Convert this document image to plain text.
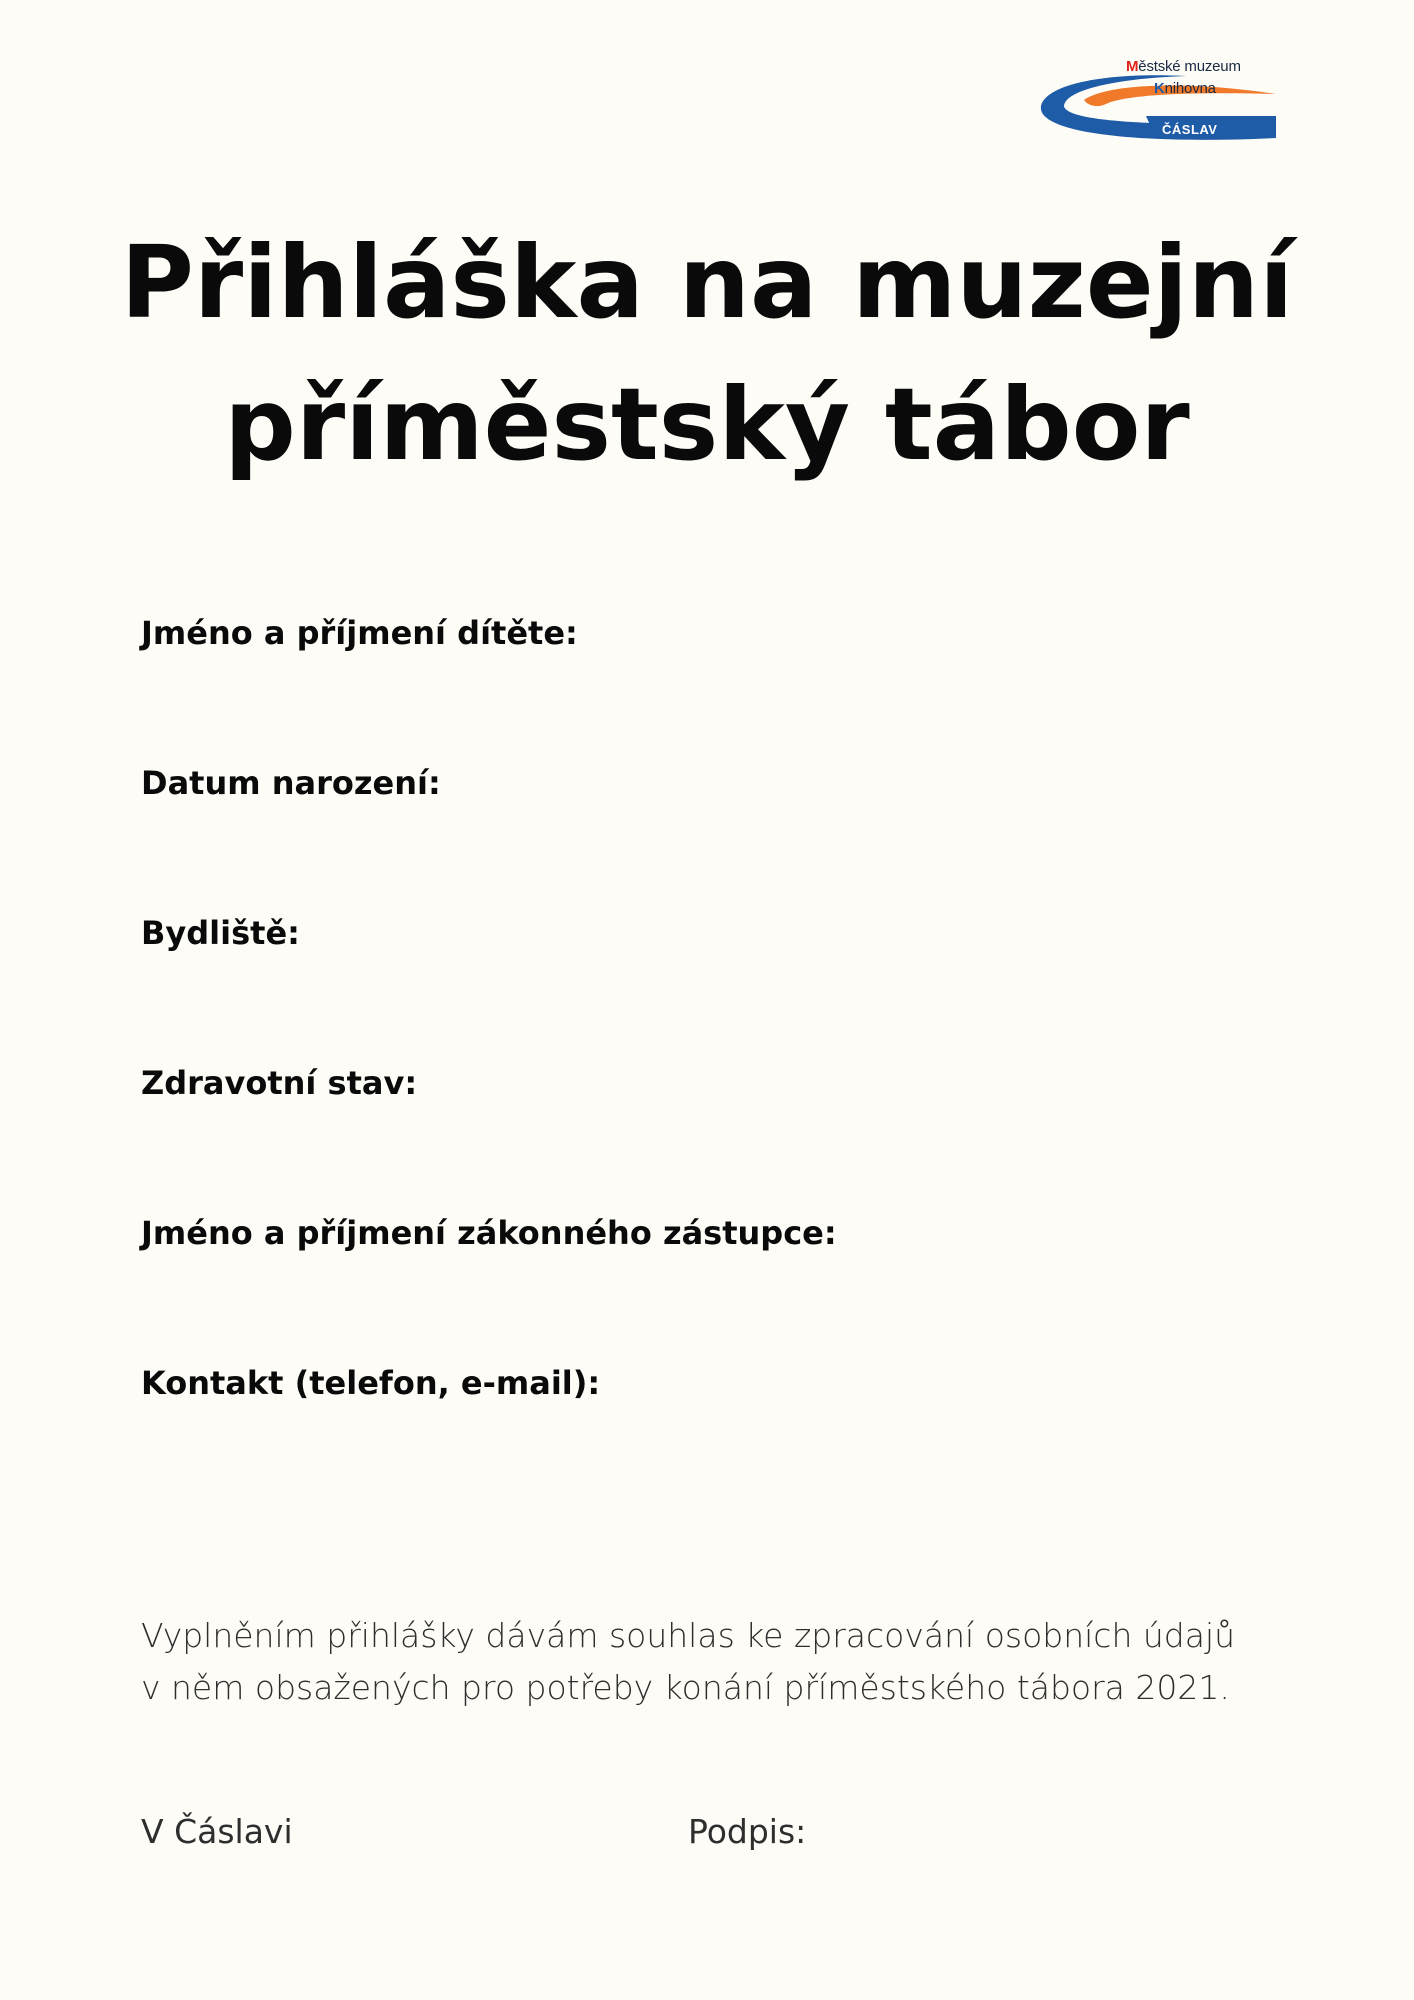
Městské muzeum
Knihovna
ČÁSLAV
Přihláška na muzejní
příměstský tábor
Jméno a příjmení dítěte:
Datum narození:
Bydliště:
Zdravotní stav:
Jméno a příjmení zákonného zástupce:
Kontakt (telefon, e-mail):
Vyplněním přihlášky dávám souhlas ke zpracování osobních údajů
v něm obsažených pro potřeby konání příměstského tábora 2021.
V Čáslavi	Podpis:
